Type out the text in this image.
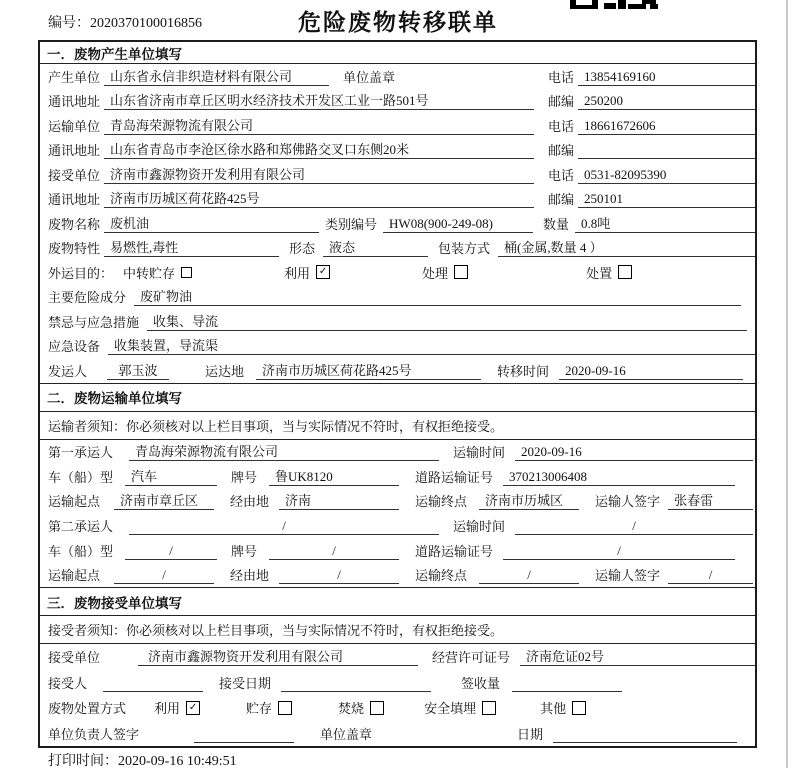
编号：2020370100016856	危险废物转移联单
一．废物产生单位填写
产生单位 山东省永信非织造材料有限公司	单位盖章	电话 13854169160
通讯地址 山东省济南市章丘区明水经济技术开发区工业一路501号	邮编 250200
运输单位 青岛海荣源物流有限公司	电话 18661672606
通讯地址 山东省青岛市李沧区徐水路和郑佛路交叉口东侧20米	邮编
接受单位 济南市鑫源物资开发利用有限公司	电话 0531-82095390
通讯地址 济南市历城区荷花路425号	邮编 250101
废物名称 废机油	类别编号 HW08(900-249-08)	数量 0.8吨
废物特性 易燃性,毒性	形态	液态	包装方式	桶(金属,数量 4 ）
外运目的： 中转贮存	利用 ✓	处理	处置
主要危险成分	废矿物油
禁忌与应急措施	收集、导流
应急设备	收集装置，导流渠
发运人	郭玉波	运达地	济南市历城区荷花路425号	转移时间	2020-09-16
二．废物运输单位填写
运输者须知：你必须核对以上栏目事项，当与实际情况不符时，有权拒绝接受。
第一承运人	青岛海荣源物流有限公司	运输时间	2020-09-16
车（船）型	汽车	牌号	鲁UK8120	道路运输证号	370213006408
运输起点	济南市章丘区	经由地	济南	运输终点	济南市历城区	运输人签字	张春雷
第二承运人	/	运输时间	/
车（船）型	/	牌号	/	道路运输证号	/
运输起点	/	经由地	/	运输终点	/	运输人签字	/
三．废物接受单位填写
接受者须知：你必须核对以上栏目事项，当与实际情况不符时，有权拒绝接受。
接受单位	济南市鑫源物资开发利用有限公司	经营许可证号	济南危证02号
接受人	接受日期	签收量
废物处置方式 利用 ✓	贮存	焚烧	安全填埋	其他
单位负责人签字	单位盖章	日期
打印时间：2020-09-16 10:49:51
